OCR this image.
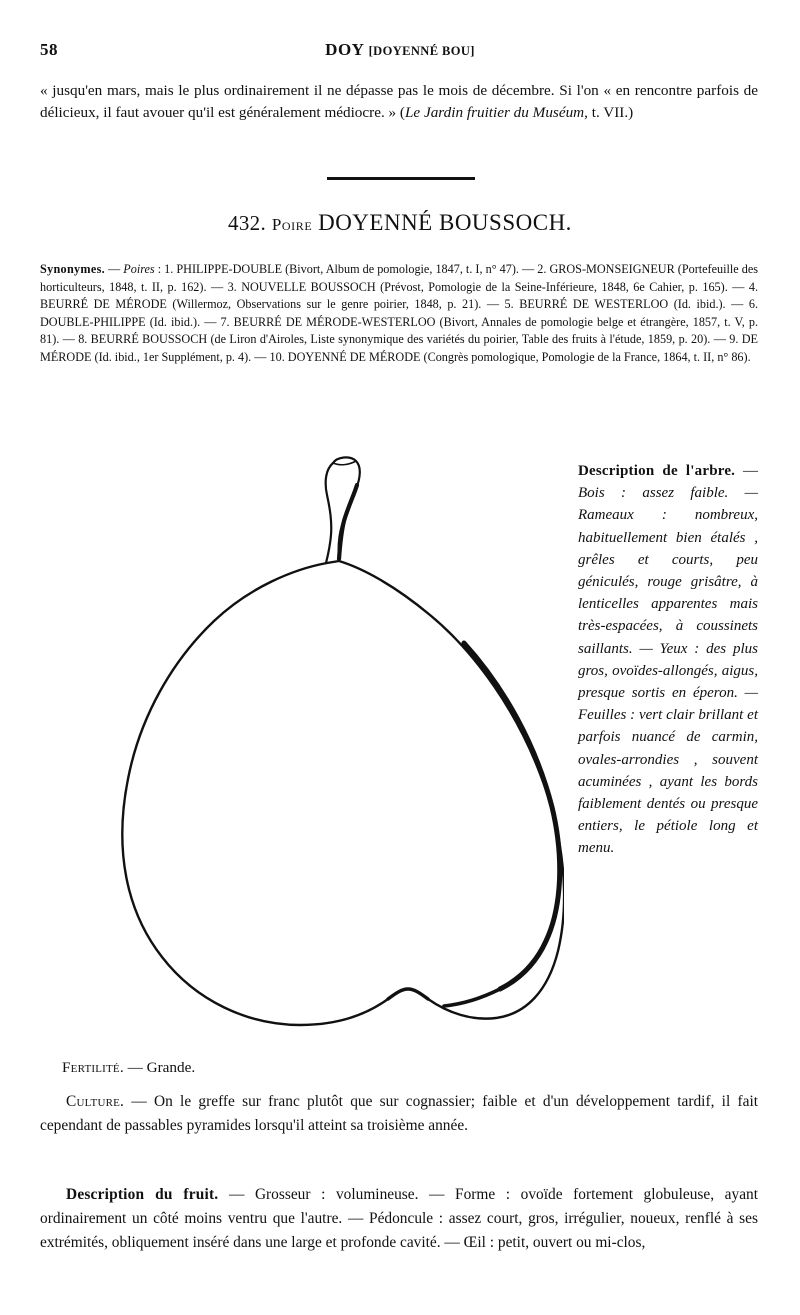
58	DOY [DOYENNÉ BOU]
« jusqu'en mars, mais le plus ordinairement il ne dépasse pas le mois de décembre. Si l'on « en rencontre parfois de délicieux, il faut avouer qu'il est généralement médiocre. » (Le Jardin fruitier du Muséum, t. VII.)
432. Poire DOYENNÉ BOUSSOCH.
Synonymes. — Poires : 1. PHILIPPE-DOUBLE (Bivort, Album de pomologie, 1847, t. I, n° 47). — 2. GROS-MONSEIGNEUR (Portefeuille des horticulteurs, 1848, t. II, p. 162). — 3. NOUVELLE BOUSSOCH (Prévost, Pomologie de la Seine-Inférieure, 1848, 6e Cahier, p. 165). — 4. BEURRÉ DE MÉRODE (Willermoz, Observations sur le genre poirier, 1848, p. 21). — 5. BEURRÉ DE WESTERLOO (Id. ibid.). — 6. DOUBLE-PHILIPPE (Id. ibid.). — 7. BEURRÉ DE MÉRODE-WESTERLOO (Bivort, Annales de pomologie belge et étrangère, 1857, t. V, p. 81). — 8. BEURRÉ BOUSSOCH (de Liron d'Airoles, Liste synonymique des variétés du poirier, Table des fruits à l'étude, 1859, p. 20). — 9. DE MÉRODE (Id. ibid., 1er Supplément, p. 4). — 10. DOYENNÉ DE MÉRODE (Congrès pomologique, Pomologie de la France, 1864, t. II, n° 86).
Description de l'arbre. — Bois : assez faible. — Rameaux : nombreux, habituellement bien étalés , grêles et courts, peu géniculés, rouge grisâtre, à lenticelles apparentes mais très-espacées, à coussinets saillants. — Yeux : des plus gros, ovoïdes-allongés, aigus, presque sortis en éperon. — Feuilles : vert clair brillant et parfois nuancé de carmin, ovales-arrondies , souvent acuminées , ayant les bords faiblement dentés ou presque entiers, le pétiole long et menu.
Fertilité. — Grande.
Culture. — On le greffe sur franc plutôt que sur cognassier; faible et d'un développement tardif, il fait cependant de passables pyramides lorsqu'il atteint sa troisième année.
Description du fruit. — Grosseur : volumineuse. — Forme : ovoïde fortement globuleuse, ayant ordinairement un côté moins ventru que l'autre. — Pédoncule : assez court, gros, irrégulier, noueux, renflé à ses extrémités, obliquement inséré dans une large et profonde cavité. — Œil : petit, ouvert ou mi-clos,
